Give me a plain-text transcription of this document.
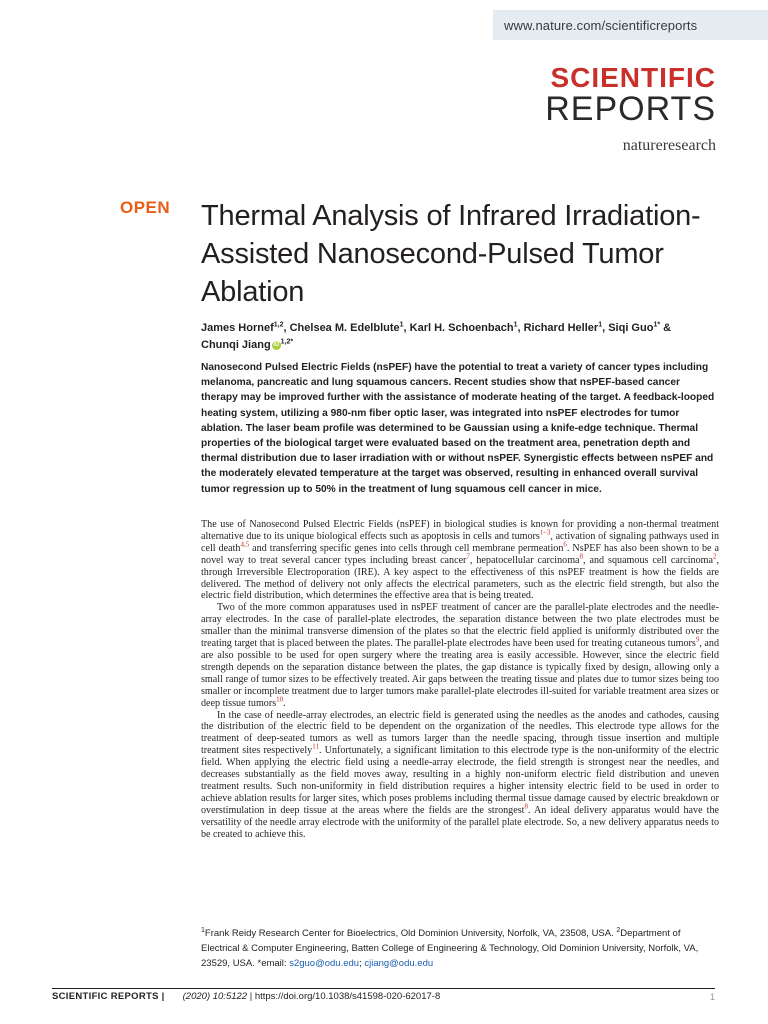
www.nature.com/scientificreports
SCIENTIFIC
REPORTS
natureresearch
OPEN Thermal Analysis of Infrared Irradiation-Assisted Nanosecond-Pulsed Tumor Ablation
James Hornef$^{1,2}$, Chelsea M. Edelblute$^1$, Karl H. Schoenbach$^1$, Richard Heller$^1$, Siqi Guo$^{1*}$ &
Chunqi Jiang iD $^{1,2*}$
Nanosecond Pulsed Electric Fields (nsPEF) have the potential to treat a variety of cancer types including melanoma, pancreatic and lung squamous cancers. Recent studies show that nsPEF-based cancer therapy may be improved further with the assistance of moderate heating of the target. A feedback-looped heating system, utilizing a 980-nm fiber optic laser, was integrated into nsPEF electrodes for tumor ablation. The laser beam profile was determined to be Gaussian using a knife-edge technique. Thermal properties of the biological target were evaluated based on the treatment area, penetration depth and thermal distribution due to laser irradiation with or without nsPEF. Synergistic effects between nsPEF and the moderately elevated temperature at the target was observed, resulting in enhanced overall survival tumor regression up to 50% in the treatment of lung squamous cell cancer in mice.

The use of Nanosecond Pulsed Electric Fields (nsPEF) in biological studies is known for providing a non-thermal treatment alternative due to its unique biological effects such as apoptosis in cells and tumors$^{1-3}$, activation of signaling pathways used in cell death$^{4,5}$ and transferring specific genes into cells through cell membrane permeation$^6$. NsPEF has also been shown to be a novel way to treat several cancer types including breast cancer$^7$, hepatocellular carcinoma$^8$, and squamous cell carcinoma$^2$, through Irreversible Electroporation (IRE). A key aspect to the effectiveness of this nsPEF treatment is how the fields are delivered. The method of delivery not only affects the electrical parameters, such as the electric field strength, but also the electric field distribution, which determines the effective area that is being treated.

Two of the more common apparatuses used in nsPEF treatment of cancer are the parallel-plate electrodes and the needle-array electrodes. In the case of parallel-plate electrodes, the separation distance between the two plate electrodes must be smaller than the minimal transverse dimension of the plates so that the electric field applied is uniformly distributed over the treating target that is placed between the plates. The parallel-plate electrodes have been used for treating cutaneous tumors$^9$, and are also possible to be used for open surgery where the treating area is easily accessible. However, since the electric field strength depends on the separation distance between the plates, the gap distance is typically fixed by design, allowing only a small range of tumor sizes to be effectively treated. Air gaps between the treating tissue and plates due to tumor sizes being too smaller or incomplete treatment due to larger tumors make parallel-plate electrodes ill-suited for variable treatment area sizes or deep tissue tumors$^{10}$.

In the case of needle-array electrodes, an electric field is generated using the needles as the anodes and cathodes, causing the distribution of the electric field to be dependent on the organization of the needles. This electrode type allows for the treatment of deep-seated tumors as well as tumors larger than the needle spacing, through tissue insertion and multiple treatment sites respectively$^{11}$. Unfortunately, a significant limitation to this electrode type is the non-uniformity of the electric field. When applying the electric field using a needle-array electrode, the field strength is strongest near the needles, and decreases substantially as the field moves away, resulting in a highly non-uniform electric field distribution and uneven treatment results. Such non-uniformity in field distribution requires a higher intensity electric field to be used in order to achieve ablation results for larger sites, which poses problems including thermal tissue damage caused by electric breakdown or overstimulation in deep tissue at the areas where the fields are the strongest$^8$. An ideal delivery apparatus would have the versatility of the needle array electrode with the uniformity of the parallel plate electrode. So, a new delivery apparatus needs to be created to achieve this.

$^1$Frank Reidy Research Center for Bioelectrics, Old Dominion University, Norfolk, VA, 23508, USA. $^2$Department of Electrical & Computer Engineering, Batten College of Engineering & Technology, Old Dominion University, Norfolk, VA, 23529, USA. *email: s2guo@odu.edu; cjiang@odu.edu
SCIENTIFIC REPORTS | (2020) 10:5122 | https://doi.org/10.1038/s41598-020-62017-8	1
